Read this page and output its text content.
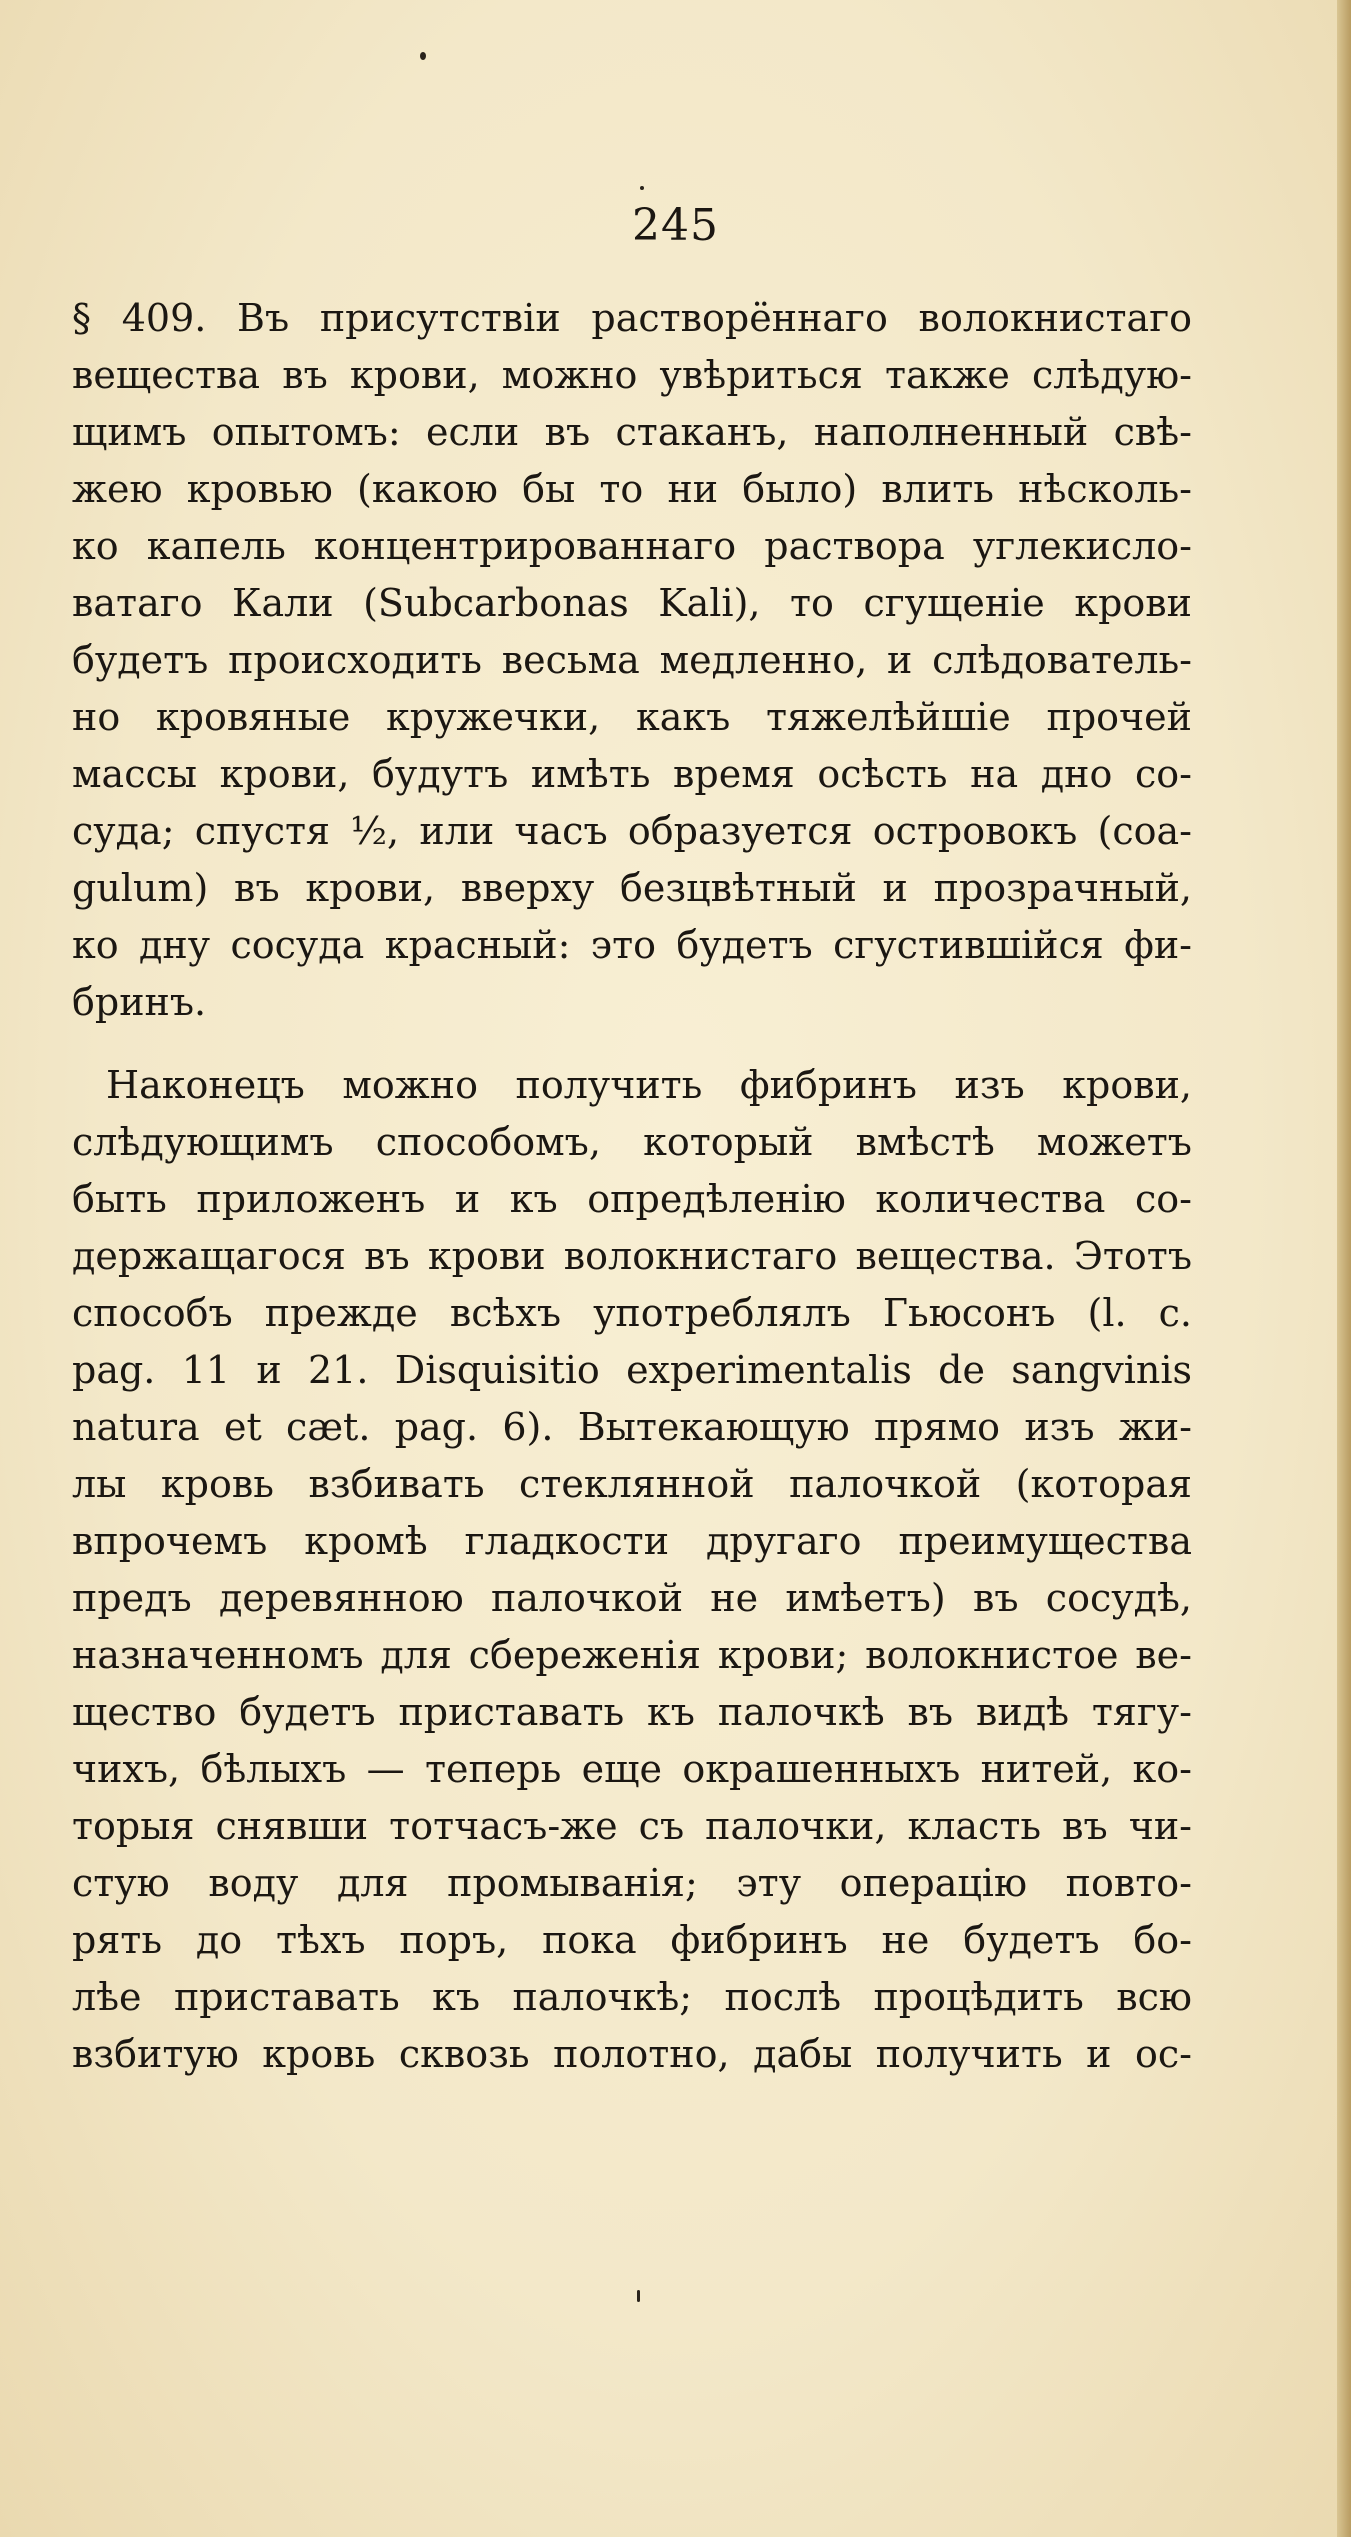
245
§ 409. Въ присутствіи растворённаго волокнистаго
вещества въ крови, можно увѣриться также слѣдую-
щимъ опытомъ: если въ стаканъ, наполненный свѣ-
жею кровью (какою бы то ни было) влить нѣсколь-
ко капель концентрированнаго раствора углекисло-
ватаго Кали (Subcarbonas Kali), то сгущеніе крови
будетъ происходить весьма медленно, и слѣдователь-
но кровяные кружечки, какъ тяжелѣйшіе прочей
массы крови, будутъ имѣть время осѣсть на дно со-
суда; спустя ½, или часъ образуется островокъ (coa-
gulum) въ крови, вверху безцвѣтный и прозрачный,
ко дну сосуда красный: это будетъ сгустившійся фи-
бринъ.
Наконецъ можно получить фибринъ изъ крови,
слѣдующимъ способомъ, который вмѣстѣ можетъ
быть приложенъ и къ опредѣленію количества со-
держащагося въ крови волокнистаго вещества. Этотъ
способъ прежде всѣхъ употреблялъ Гьюсонъ (l. c.
pag. 11 и 21. Disquisitio experimentalis de sangvinis
natura et cæt. pag. 6). Вытекающую прямо изъ жи-
лы кровь взбивать стеклянной палочкой (которая
впрочемъ кромѣ гладкости другаго преимущества
предъ деревянною палочкой не имѣетъ) въ сосудѣ,
назначенномъ для сбереженія крови; волокнистое ве-
щество будетъ приставать къ палочкѣ въ видѣ тягу-
чихъ, бѣлыхъ — теперь еще окрашенныхъ нитей, ко-
торыя снявши тотчасъ-же съ палочки, класть въ чи-
стую воду для промыванія; эту операцію повто-
рять до тѣхъ поръ, пока фибринъ не будетъ бо-
лѣе приставать къ палочкѣ; послѣ процѣдить всю
взбитую кровь сквозь полотно, дабы получить и ос-
